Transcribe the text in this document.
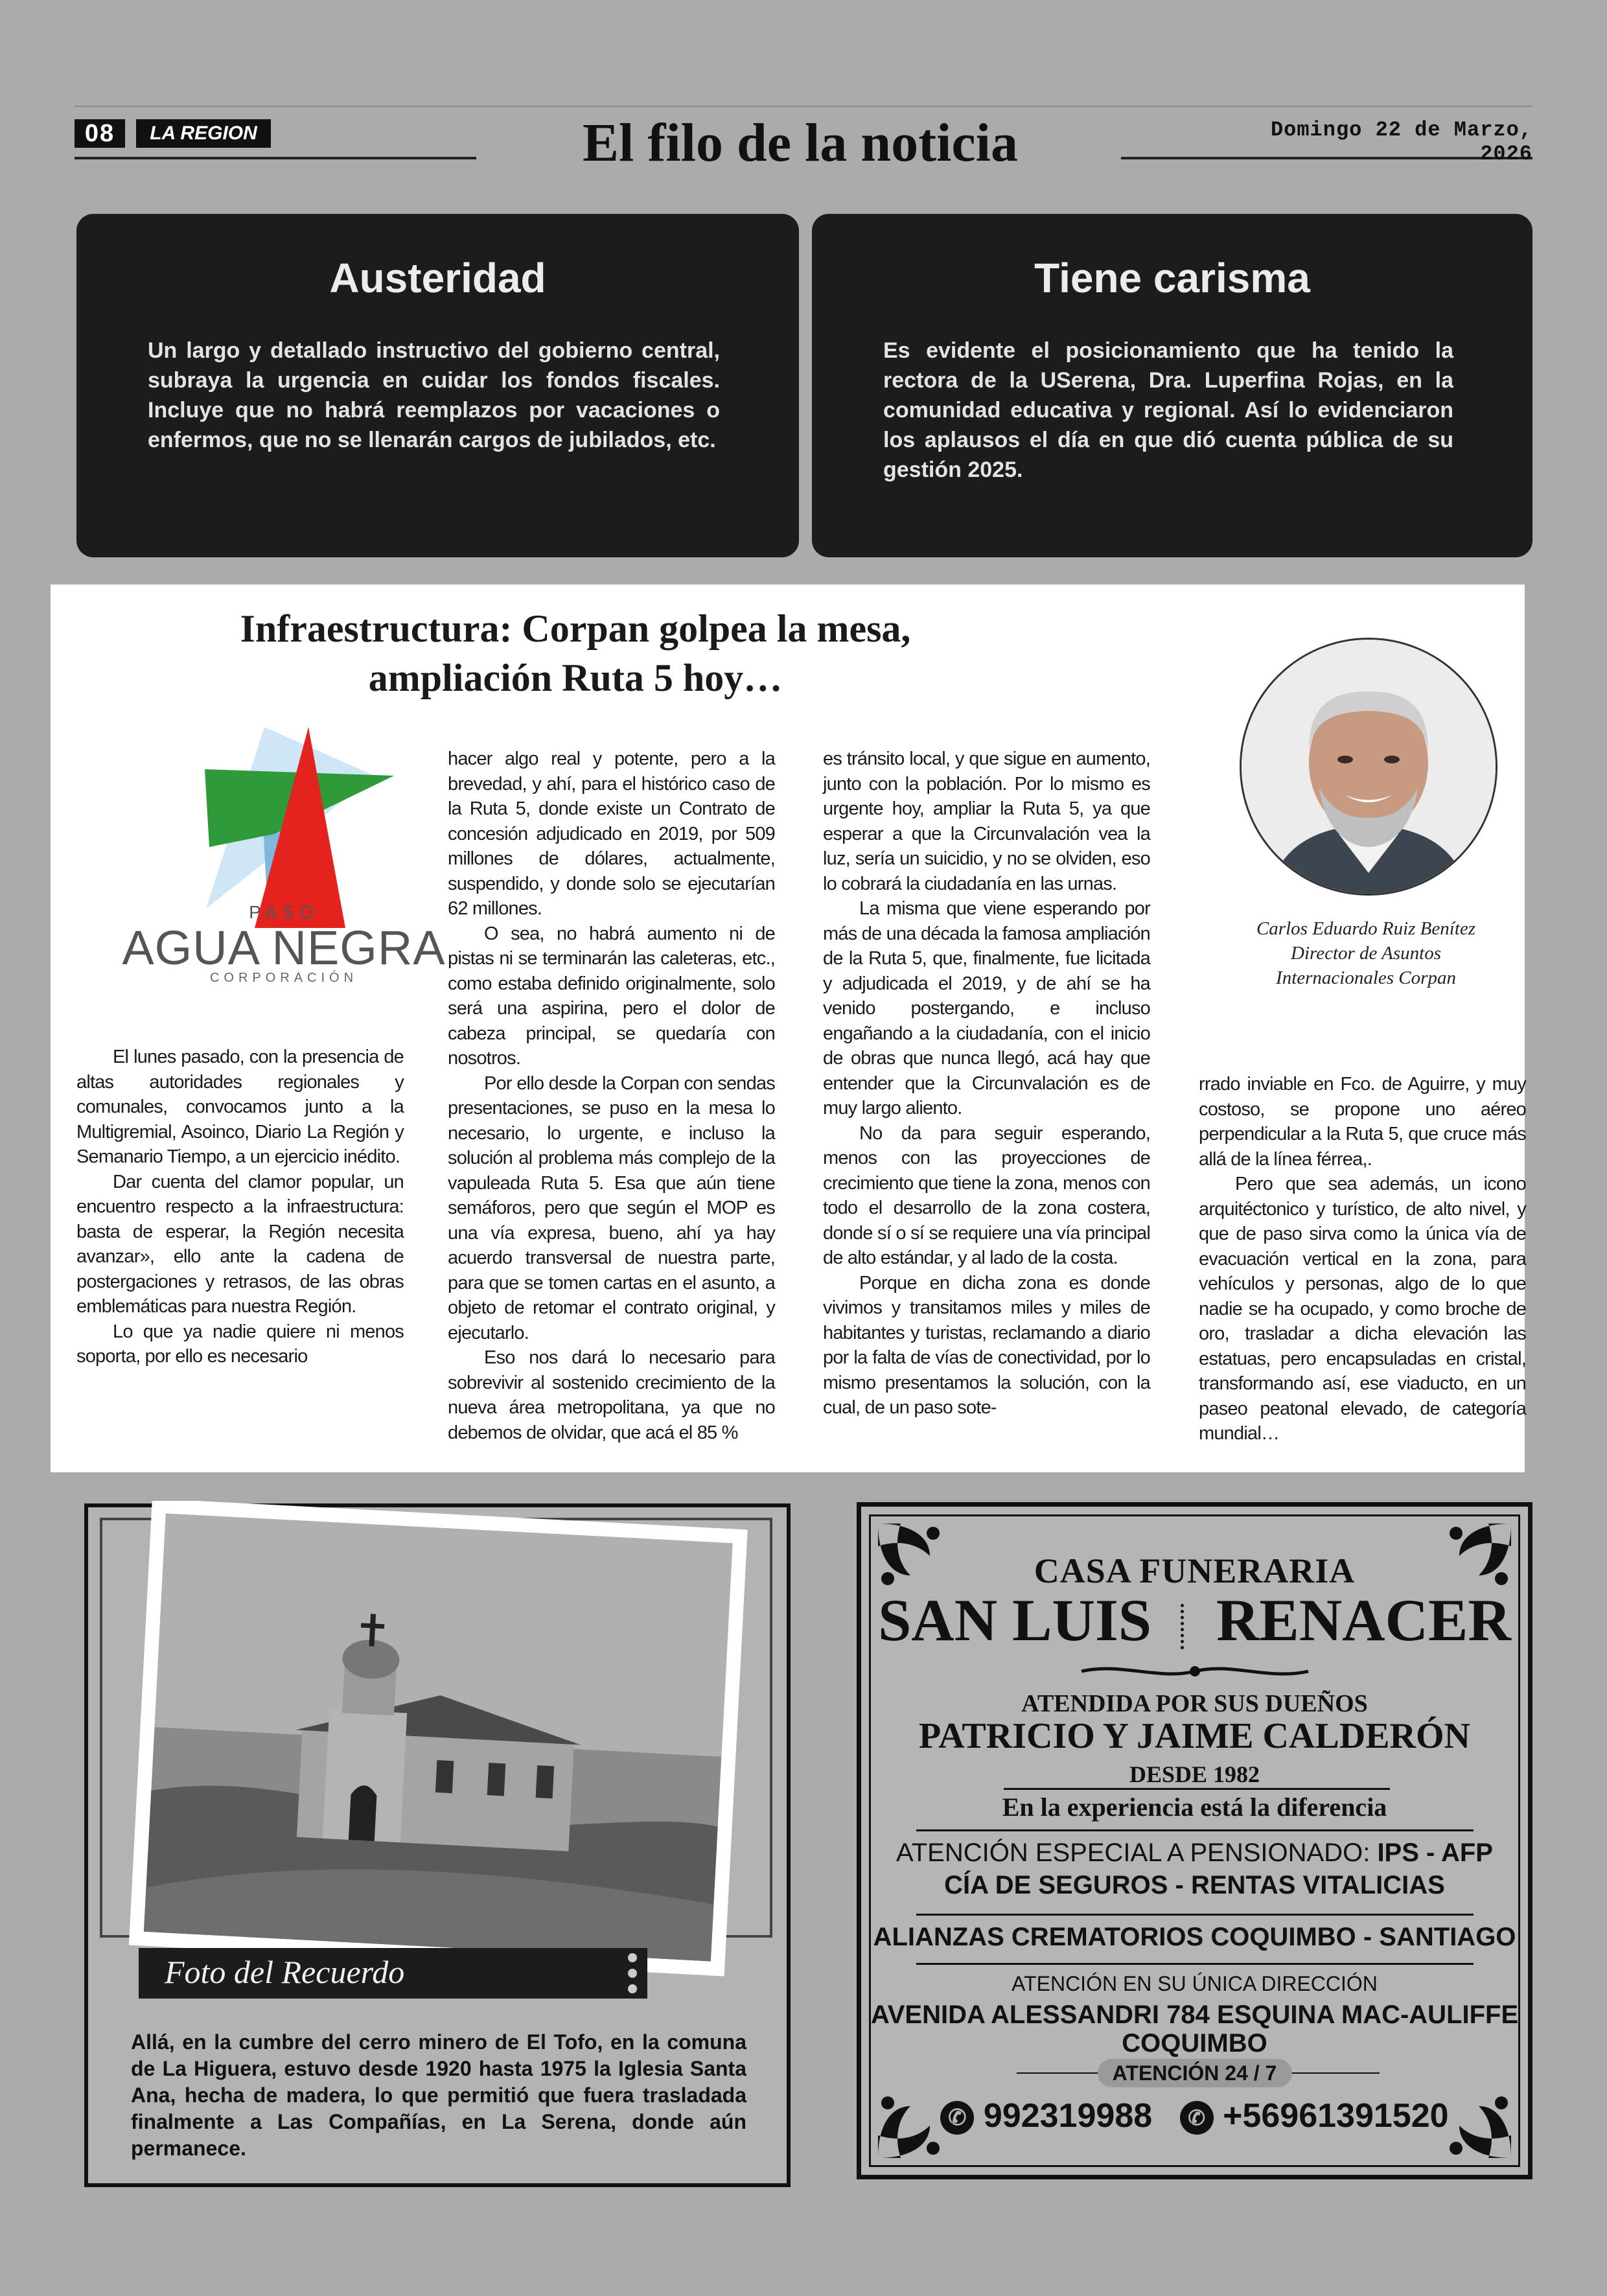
08	LA REGION	El filo de la noticia	Domingo 22 de Marzo, 2026
Austeridad

Un largo y detallado instructivo del gobierno central, subraya la urgencia en cuidar los fondos fiscales. Incluye que no habrá reemplazos por vacaciones o enfermos, que no se llenarán cargos de jubilados, etc.

Tiene carisma

Es evidente el posicionamiento que ha tenido la rectora de la USerena, Dra. Luperfina Rojas, en la comunidad educativa y regional. Así lo evidenciaron los aplausos el día en que dió cuenta pública de su gestión 2025.

Infraestructura: Corpan golpea la mesa,
ampliación Ruta 5 hoy…
PASO
AGUA NEGRA
CORPORACIÓN
Carlos Eduardo Ruiz Benítez
Director de Asuntos
Internacionales Corpan

El lunes pasado, con la presencia de altas autoridades regionales y comunales, convocamos junto a la Multigremial, Asoinco, Diario La Región y Semanario Tiempo, a un ejercicio inédito.

Dar cuenta del clamor popular, un encuentro respecto a la infraestructura: basta de esperar, la Región necesita avanzar», ello ante la cadena de postergaciones y retrasos, de las obras emblemáticas para nuestra Región.

Lo que ya nadie quiere ni menos soporta, por ello es necesario

hacer algo real y potente, pero a la brevedad, y ahí, para el histórico caso de la Ruta 5, donde existe un Contrato de concesión adjudicado en 2019, por 509 millones de dólares, actualmente, suspendido, y donde solo se ejecutarían 62 millones.

O sea, no habrá aumento ni de pistas ni se terminarán las caleteras, etc., como estaba definido originalmente, solo será una aspirina, pero el dolor de cabeza principal, se quedaría con nosotros.

Por ello desde la Corpan con sendas presentaciones, se puso en la mesa lo necesario, lo urgente, e incluso la solución al problema más complejo de la vapuleada Ruta 5. Esa que aún tiene semáforos, pero que según el MOP es una vía expresa, bueno, ahí ya hay acuerdo transversal de nuestra parte, para que se tomen cartas en el asunto, a objeto de retomar el contrato original, y ejecutarlo.

Eso nos dará lo necesario para sobrevivir al sostenido crecimiento de la nueva área metropolitana, ya que no debemos de olvidar, que acá el 85 %

es tránsito local, y que sigue en aumento, junto con la población. Por lo mismo es urgente hoy, ampliar la Ruta 5, ya que esperar a que la Circunvalación vea la luz, sería un suicidio, y no se olviden, eso lo cobrará la ciudadanía en las urnas.

La misma que viene esperando por más de una década la famosa ampliación de la Ruta 5, que, finalmente, fue licitada y adjudicada el 2019, y de ahí se ha venido postergando, e incluso engañando a la ciudadanía, con el inicio de obras que nunca llegó, acá hay que entender que la Circunvalación es de muy largo aliento.

No da para seguir esperando, menos con las proyecciones de crecimiento que tiene la zona, menos con todo el desarrollo de la zona costera, donde sí o sí se requiere una vía principal de alto estándar, y al lado de la costa.

Porque en dicha zona es donde vivimos y transitamos miles y miles de habitantes y turistas, reclamando a diario por la falta de vías de conectividad, por lo mismo presentamos la solución, con la cual, de un paso sote-

rrado inviable en Fco. de Aguirre, y muy costoso, se propone uno aéreo perpendicular a la Ruta 5, que cruce más allá de la línea férrea,.

Pero que sea además, un icono arquitéctonico y turístico, de alto nivel, y que de paso sirva como la única vía de evacuación vertical en la zona, para vehículos y personas, algo de lo que nadie se ha ocupado, y como broche de oro, trasladar a dicha elevación las estatuas, pero encapsuladas en cristal, transformando así, ese viaducto, en un paseo peatonal elevado, de categoría mundial…

Foto del Recuerdo
Allá, en la cumbre del cerro minero de El Tofo, en la comuna de La Higuera, estuvo desde 1920 hasta 1975 la Iglesia Santa Ana, hecha de madera, lo que permitió que fuera trasladada finalmente a Las Compañías, en La Serena, donde aún permanece.
CASA FUNERARIA
SAN LUIS RENACER
ATENDIDA POR SUS DUEÑOS
PATRICIO Y JAIME CALDERÓN
DESDE 1982
En la experiencia está la diferencia
ATENCIÓN ESPECIAL A PENSIONADO: IPS - AFP
CÍA DE SEGUROS - RENTAS VITALICIAS
ALIANZAS CREMATORIOS COQUIMBO - SANTIAGO
ATENCIÓN EN SU ÚNICA DIRECCIÓN
AVENIDA ALESSANDRI 784 ESQUINA MAC-AULIFFE
COQUIMBO
ATENCIÓN 24 / 7
✆ 992319988 ✆ +56961391520
